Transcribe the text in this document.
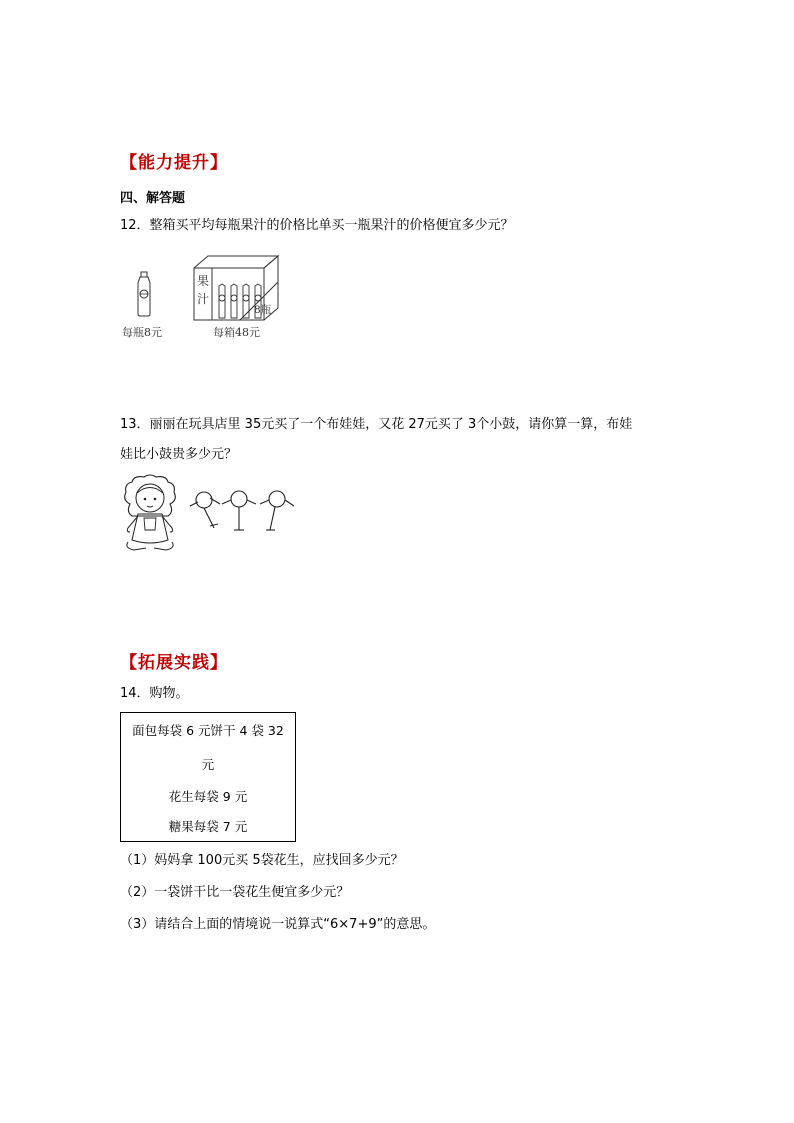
【能力提升】
四、解答题
12．整箱买平均每瓶果汁的价格比单买一瓶果汁的价格便宜多少元？
每瓶8元
果
汁
8瓶
每箱48元
13．丽丽在玩具店里 35元买了一个布娃娃，又花 27元买了 3个小鼓，请你算一算，布娃
娃比小鼓贵多少元？
【拓展实践】
14．购物。
面包每袋 6 元饼干 4 袋 32
元
花生每袋 9 元
糖果每袋 7 元
（1）妈妈拿 100元买 5袋花生，应找回多少元？
（2）一袋饼干比一袋花生便宜多少元？
（3）请结合上面的情境说一说算式“6×7+9”的意思。
